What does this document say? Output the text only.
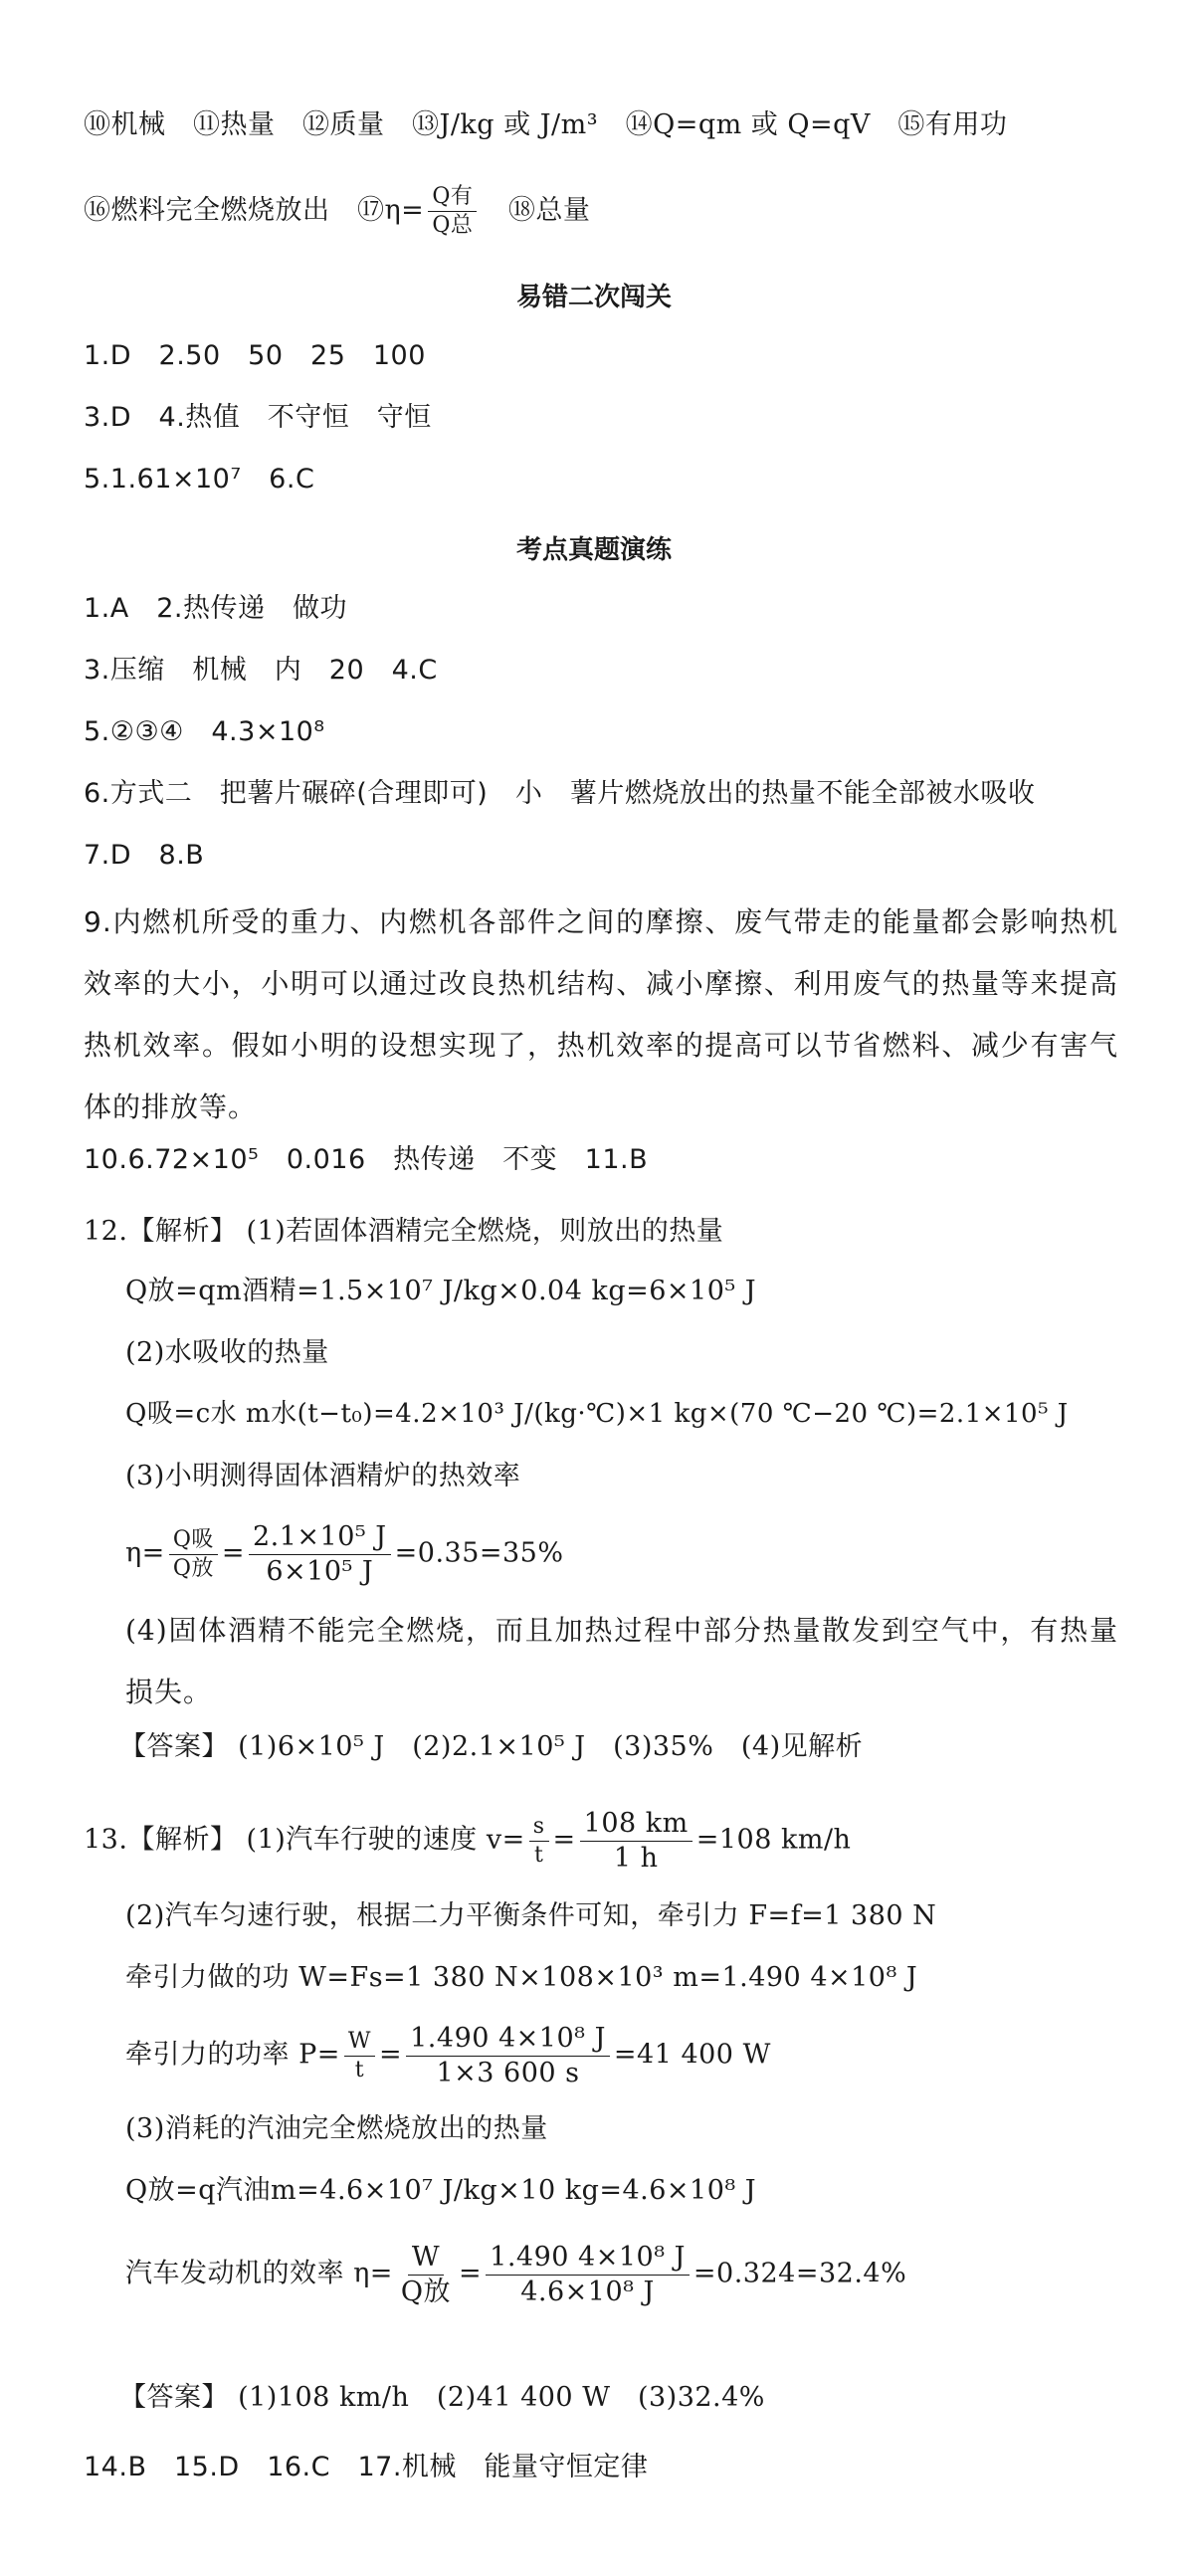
⑩机械　⑪热量　⑫质量　⑬J/kg 或 J/m³　⑭Q=qm 或 Q=qV　⑮有用功
⑯燃料完全燃烧放出　⑰η= $\frac{\text{Q有}}{\text{Q总}}$ 　⑱总量
易错二次闯关
1.D　2.50　50　25　100
3.D　4.热值　不守恒　守恒
5.1.61×10⁷　6.C
考点真题演练
1.A　2.热传递　做功
3.压缩　机械　内　20　4.C
5.②③④　4.3×10⁸
6.方式二　把薯片碾碎(合理即可)　小　薯片燃烧放出的热量不能全部被水吸收
7.D　8.B
9.内燃机所受的重力、内燃机各部件之间的摩擦、废气带走的能量都会影响热机效率的大小，小明可以通过改良热机结构、减小摩擦、利用废气的热量等来提高热机效率。假如小明的设想实现了，热机效率的提高可以节省燃料、减少有害气体的排放等。
10.6.72×10⁵　0.016　热传递　不变　11.B
12.【解析】 (1)若固体酒精完全燃烧，则放出的热量
Q放=qm酒精=1.5×10⁷ J/kg×0.04 kg=6×10⁵ J
(2)水吸收的热量
Q吸=c水 m水(t−t₀)=4.2×10³ J/(kg·℃)×1 kg×(70 ℃−20 ℃)=2.1×10⁵ J
(3)小明测得固体酒精炉的热效率
$\eta= \frac{\text{Q吸}}{\text{Q放}} = \frac{\text{2.1×10⁵ J}}{\text{6×10⁵ J}} =0.35=35\%$
(4)固体酒精不能完全燃烧，而且加热过程中部分热量散发到空气中，有热量损失。
【答案】 (1)6×10⁵ J　(2)2.1×10⁵ J　(3)35%　(4)见解析
13.【解析】 (1)汽车行驶的速度 $v= \frac{s}{t} = \frac{108 km}{1 h} =108$ km/h
(2)汽车匀速行驶，根据二力平衡条件可知，牵引力 F=f=1 380 N
牵引力做的功 W=Fs=1 380 N×108×10³ m=1.490 4×10⁸ J
牵引力的功率 $P= \frac{W}{t} = \frac{\text{1.490 4×10⁸ J}}{1\times 3 600 s} =41$ 400 W
(3)消耗的汽油完全燃烧放出的热量
Q放=q汽油m=4.6×10⁷ J/kg×10 kg=4.6×10⁸ J
汽车发动机的效率 $\eta= \frac{W}{\text{Q放}} = \frac{\text{1.490 4×10⁸ J}}{\text{4.6×10⁸ J}} =0.324=32.4\%$
【答案】 (1)108 km/h　(2)41 400 W　(3)32.4%
14.B　15.D　16.C　17.机械　能量守恒定律
